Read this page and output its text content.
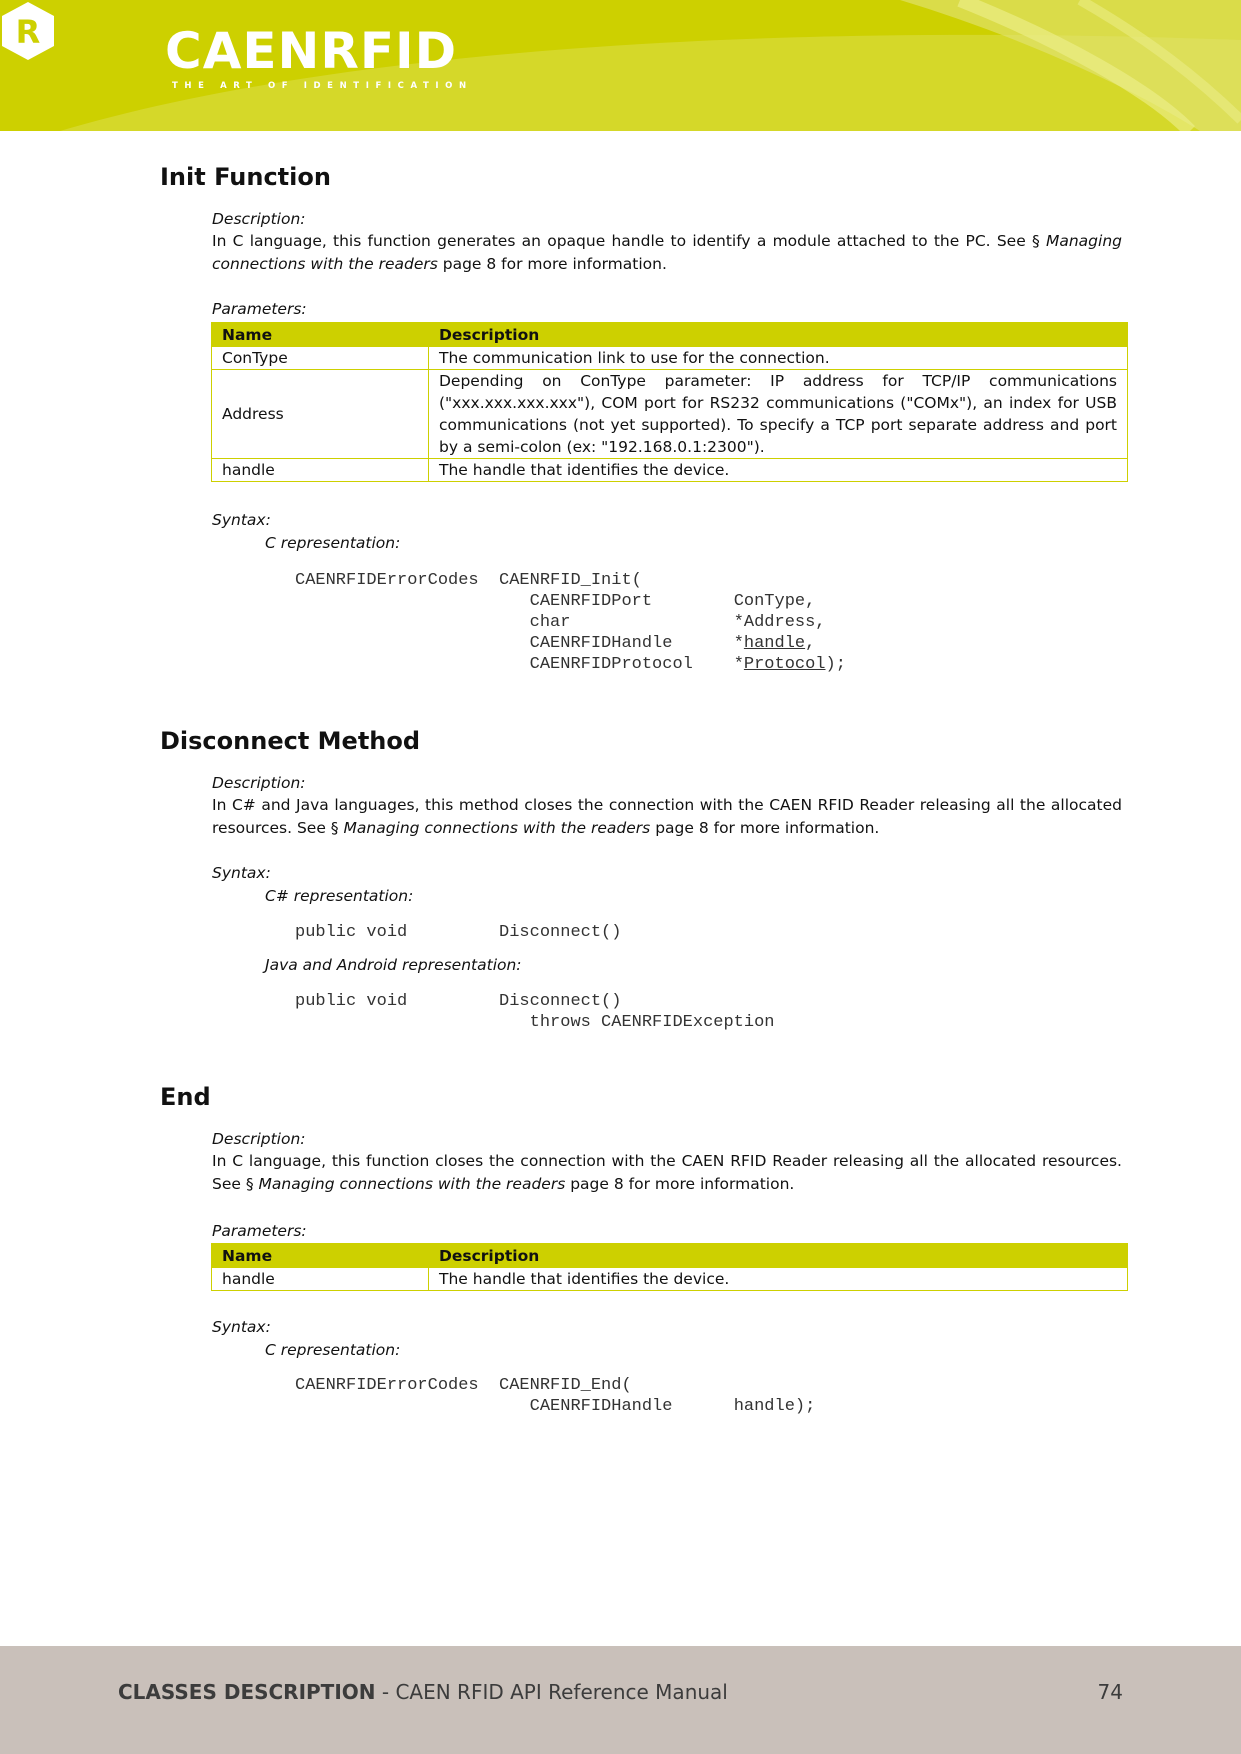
R CAENRFID
THE ART OF IDENTIFICATION
Init Function
Description:
In C language, this function generates an opaque handle to identify a module attached to the PC. See § Managing connections with the readers page 8 for more information.
Parameters:
Name	Description
ConType	The communication link to use for the connection.
Address	Depending on ConType parameter: IP address for TCP/IP communications ("xxx.xxx.xxx.xxx"), COM port for RS232 communications ("COMx"), an index for USB communications (not yet supported). To specify a TCP port separate address and port by a semi-colon (ex: "192.168.0.1:2300").
handle	The handle that identifies the device.
Syntax:
C representation:
CAENRFIDErrorCodes  CAENRFID_Init(
CAENRFIDPort	ConType,
char	*Address,
CAENRFIDHandle	*handle,
CAENRFIDProtocol *Protocol);
Disconnect Method
Description:
In C# and Java languages, this method closes the connection with the CAEN RFID Reader releasing all the allocated resources. See § Managing connections with the readers page 8 for more information.
Syntax:
C# representation:
public void         Disconnect()
Java and Android representation:
public void         Disconnect()
throws CAENRFIDException
End
Description:
In C language, this function closes the connection with the CAEN RFID Reader releasing all the allocated resources. See § Managing connections with the readers page 8 for more information.
Parameters:
Name	Description
handle	The handle that identifies the device.
Syntax:
C representation:
CAENRFIDErrorCodes  CAENRFID_End(
CAENRFIDHandle	handle);
CLASSES DESCRIPTION - CAEN RFID API Reference Manual	74
